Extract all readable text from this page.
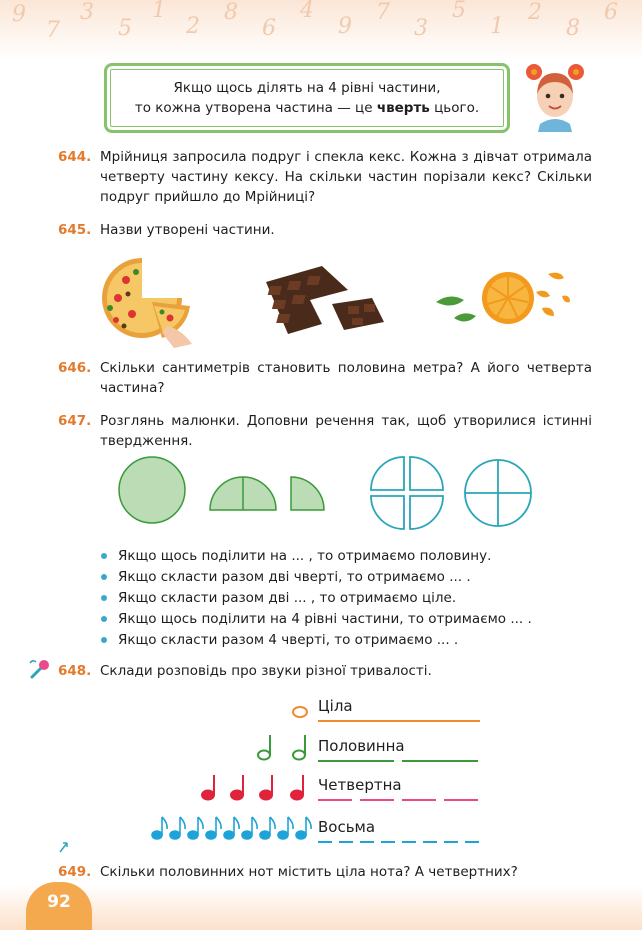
9
7
3
5
1
2
8
6
4
9
7
3
5
1
2
8
6
Якщо щось ділять на 4 рівні частини,
то кожна утворена частина — це чверть цього.
644. Мрійниця запросила подруг і спекла кекс. Кожна з дівчат отримала четверту частину кексу. На скільки частин порізали кекс? Скільки подруг прийшло до Мрійниці?
645. Назви утворені частини.
646. Скільки сантиметрів становить половина метра? А його четверта частина?
647. Розглянь малюнки. Доповни речення так, щоб утворилися істинні твердження.
Якщо щось поділити на ... , то отримаємо половину.
Якщо скласти разом дві чверті, то отримаємо ... .
Якщо скласти разом дві ... , то отримаємо ціле.
Якщо щось поділити на 4 рівні частини, то отримаємо ... .
Якщо скласти разом 4 чверті, то отримаємо ... .
648. Склади розповідь про звуки різної тривалості.
Ціла
Половинна
Четвертна
Восьма
649. Скільки половинних нот містить ціла нота? А четвертних?
92
